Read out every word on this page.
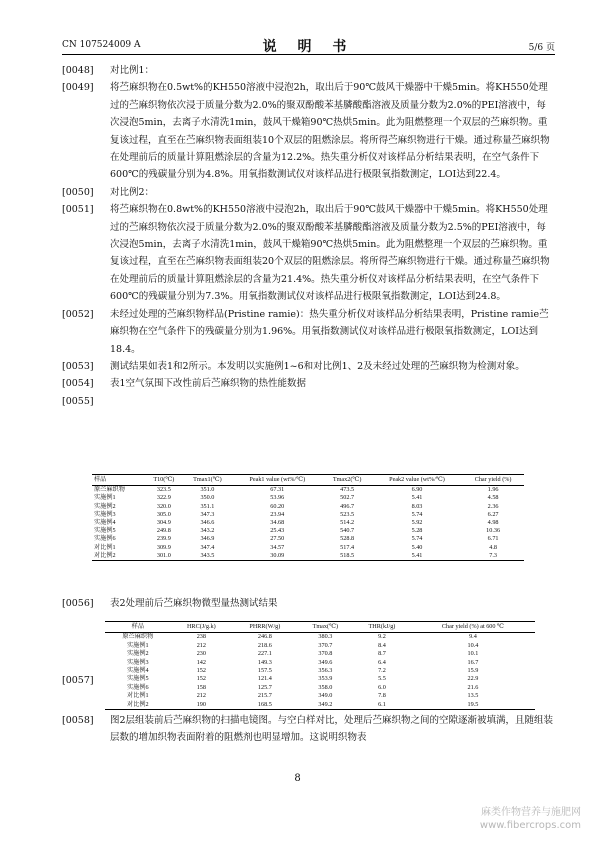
CN 107524009 A	说 明 书	5/6 页
[0048]	对比例1：
[0049]	将苎麻织物在0.5wt%的KH550溶液中浸泡2h，取出后于90℃鼓风干燥器中干燥5min。将KH550处理过的苎麻织物依次浸于质量分数为2.0%的聚双酚酸苯基膦酸酯溶液及质量分数为2.0%的PEI溶液中，每次浸泡5min，去离子水清洗1min，鼓风干燥箱90℃热烘5min。此为阻燃整理一个双层的苎麻织物。重复该过程，直至在苎麻织物表面组装10个双层的阻燃涂层。将所得苎麻织物进行干燥。通过称量苎麻织物在处理前后的质量计算阻燃涂层的含量为12.2%。热失重分析仪对该样品分析结果表明，在空气条件下600℃的残碳量分别为4.8%。用氧指数测试仪对该样品进行极限氧指数测定，LOI达到22.4。
[0050]	对比例2：
[0051]	将苎麻织物在0.8wt%的KH550溶液中浸泡2h，取出后于90℃鼓风干燥器中干燥5min。将KH550处理过的苎麻织物依次浸于质量分数为2.0%的聚双酚酸苯基膦酸酯溶液及质量分数为2.5%的PEI溶液中，每次浸泡5min，去离子水清洗1min，鼓风干燥箱90℃热烘5min。此为阻燃整理一个双层的苎麻织物。重复该过程，直至在苎麻织物表面组装20个双层的阻燃涂层。将所得苎麻织物进行干燥。通过称量苎麻织物在处理前后的质量计算阻燃涂层的含量为21.4%。热失重分析仪对该样品分析结果表明，在空气条件下600℃的残碳量分别为7.3%。用氧指数测试仪对该样品进行极限氧指数测定，LOI达到24.8。
[0052]	未经过处理的苎麻织物样品(Pristine ramie)：热失重分析仪对该样品分析结果表明，Pristine ramie苎麻织物在空气条件下的残碳量分别为1.96%。用氧指数测试仪对该样品进行极限氧指数测定，LOI达到18.4。
[0053]	测试结果如表1和2所示。本发明以实施例1~6和对比例1、2及未经过处理的苎麻织物为检测对象。
[0054]	表1空气氛围下改性前后苎麻织物的热性能数据
[0055]
样品	T10(℃)	Tmax1(℃)	Peak1 value (wt%/℃)	Tmax2(℃)	Peak2 value (wt%/℃)	Char yield (%)
原苎麻织物	323.5	351.0	67.31	473.5	6.90	1.96
实施例1	322.9	350.0	53.96	502.7	5.41	4.58
实施例2	320.0	351.1	60.20	496.7	8.03	2.36
实施例3	305.0	347.3	23.94	523.5	5.74	6.27
实施例4	304.9	346.6	34.68	514.2	5.92	4.98
实施例5	249.8	343.2	25.43	540.7	5.28	10.36
实施例6	239.9	346.9	27.50	528.8	5.74	6.71
对比例1	309.9	347.4	34.57	517.4	5.40	4.8
对比例2	301.0	343.5	30.09	518.5	5.41	7.3
[0056]	表2处理前后苎麻织物微型量热测试结果
[0057]
样品	HRC(J/g.k)	PHRR(W/g)	Tmax(℃)	THR(kJ/g)	Char yield (%) at 600 ℃
原苎麻织物	238	246.8	380.3	9.2	9.4
实施例1	212	218.6	370.7	8.4	10.4
实施例2	230	227.1	370.8	8.7	10.1
实施例3	142	149.3	349.6	6.4	16.7
实施例4	152	157.5	356.3	7.2	15.9
实施例5	152	121.4	353.9	5.5	22.9
实施例6	158	125.7	358.0	6.0	21.6
对比例1	212	215.7	349.0	7.8	13.5
对比例2	190	168.5	349.2	6.1	19.5
[0058]	图2层组装前后苎麻织物的扫描电镜图。与空白样对比，处理后苎麻织物之间的空隙逐渐被填满，且随组装层数的增加织物表面附着的阻燃剂也明显增加。这说明织物表
8
麻类作物营养与施肥网
www.fibercrops.com
